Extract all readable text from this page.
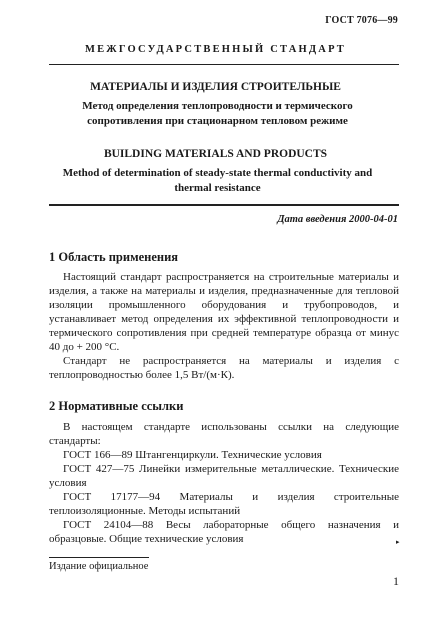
ГОСТ 7076—99
МЕЖГОСУДАРСТВЕННЫЙ СТАНДАРТ
МАТЕРИАЛЫ И ИЗДЕЛИЯ СТРОИТЕЛЬНЫЕ
Метод определения теплопроводности и термического сопротивления при стационарном тепловом режиме
BUILDING MATERIALS AND PRODUCTS
Method of determination of steady-state thermal conductivity and thermal resistance
Дата введения 2000-04-01
1 Область применения

Настоящий стандарт распространяется на строительные материалы и изделия, а также на материалы и изделия, предназначенные для тепловой изоляции промышленного оборудования и трубопроводов, и устанавливает метод определения их эффективной теплопроводности и термического сопротивления при средней температуре образца от минус 40 до + 200 °С.

Стандарт не распространяется на материалы и изделия с теплопроводностью более 1,5 Вт/(м·К).

2 Нормативные ссылки

В настоящем стандарте использованы ссылки на следующие стандарты:

ГОСТ 166—89 Штангенциркули. Технические условия

ГОСТ 427—75 Линейки измерительные металлические. Технические условия

ГОСТ 17177—94 Материалы и изделия строительные теплоизоляционные. Методы испытаний

ГОСТ 24104—88 Весы лабораторные общего назначения и образцовые. Общие технические условия	▸
Издание официальное
1
